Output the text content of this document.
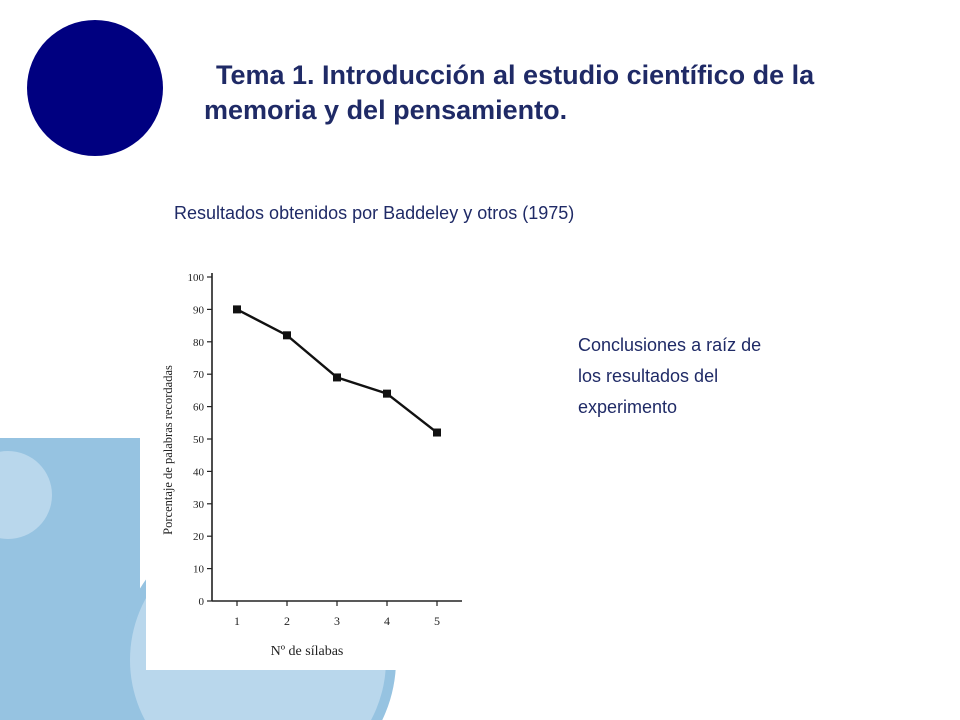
Tema 1. Introducción al estudio científico de la
memoria y del pensamiento.

Resultados obtenidos por Baddeley y otros (1975)

0
10
20
30
40
50
60
70
80
90
100
1	2	3	4	5
Nº de sílabas
Porcentaje de palabras recordadas

Conclusiones a raíz de
los resultados del
experimento
